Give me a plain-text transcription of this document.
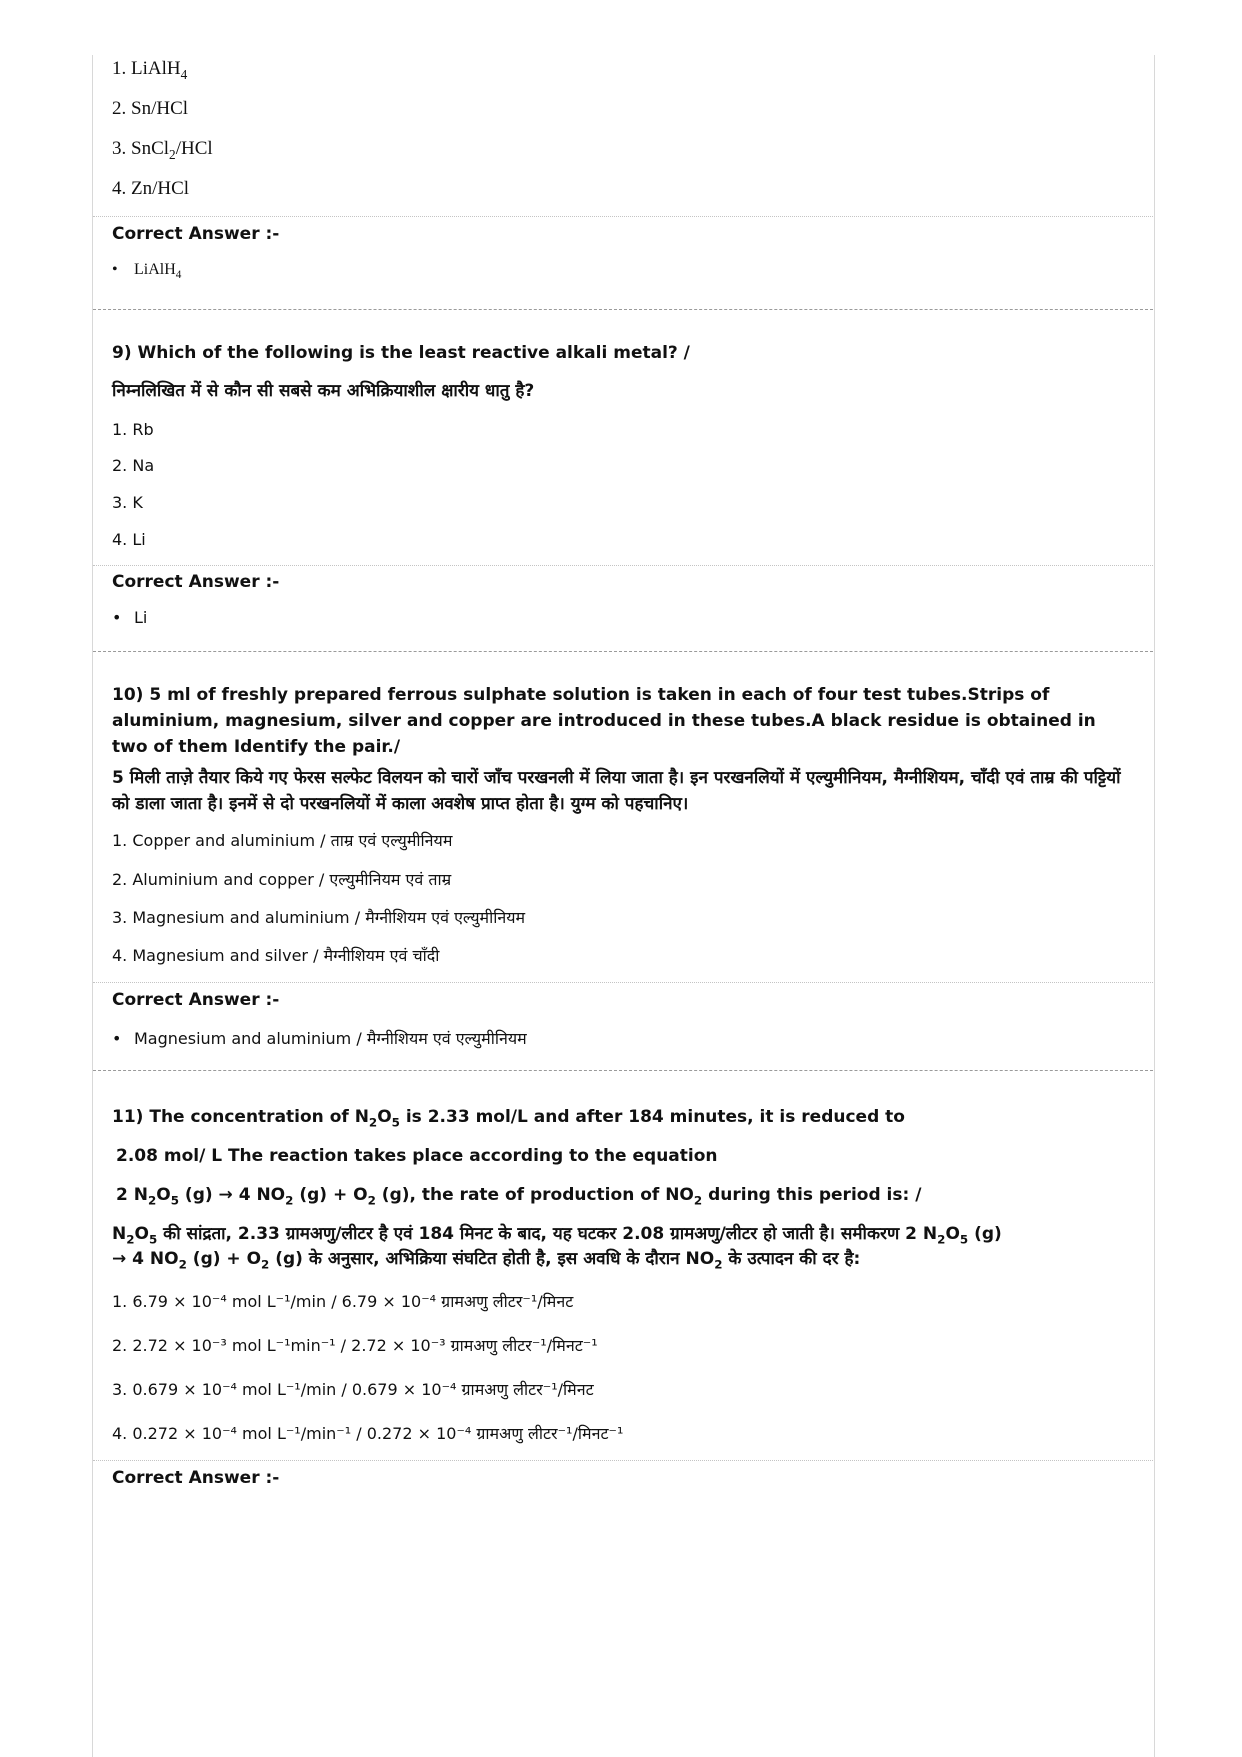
1. LiAlH$_4$
2. Sn/HCl
3. SnCl$_2$/HCl
4. Zn/HCl
Correct Answer :-
• LiAlH$_4$
9) Which of the following is the least reactive alkali metal? /
निम्नलिखित में से कौन सी सबसे कम अभिक्रियाशील क्षारीय धातु है?
1. Rb
2. Na
3. K
4. Li
Correct Answer :-
• Li
10) 5 ml of freshly prepared ferrous sulphate solution is taken in each of four test tubes.Strips of aluminium, magnesium, silver and copper are introduced in these tubes.A black residue is obtained in two of them Identify the pair./
5 मिली ताज़े तैयार किये गए फेरस सल्फेट विलयन को चारों जाँच परखनली में लिया जाता है। इन परखनलियों में एल्युमीनियम, मैग्नीशियम, चाँदी एवं ताम्र की पट्टियों को डाला जाता है। इनमें से दो परखनलियों में काला अवशेष प्राप्त होता है। युग्म को पहचानिए।
1. Copper and aluminium / ताम्र एवं एल्युमीनियम
2. Aluminium and copper / एल्युमीनियम एवं ताम्र
3. Magnesium and aluminium / मैग्नीशियम एवं एल्युमीनियम
4. Magnesium and silver / मैग्नीशियम एवं चाँदी
Correct Answer :-
• Magnesium and aluminium / मैग्नीशियम एवं एल्युमीनियम
11) The concentration of $N_2O_5$ is 2.33 mol/L and after 184 minutes, it is reduced to
2.08 mol/ L The reaction takes place according to the equation
2 $N_2O_5$ (g) → 4 $NO_2$ $(g) + O_2$ (g), the rate of production of $NO_2$ during this period is: /
$N_2O_5$ की सांद्रता, 2.33 ग्रामअणु/लीटर है एवं 184 मिनट के बाद, यह घटकर 2.08 ग्रामअणु/लीटर हो जाती है। समीकरण 2 $N_2O_5$ (g)
→ 4 $NO_2$ $(g) + O_2$ (g) के अनुसार, अभिक्रिया संघटित होती है, इस अवधि के दौरान $NO_2$ के उत्पादन की दर है:
1. 6.79 × 10⁻⁴ mol L⁻¹/min / 6.79 × 10⁻⁴ ग्रामअणु लीटर⁻¹/मिनट
2. 2.72 × 10⁻³ mol L⁻¹min⁻¹ / 2.72 × 10⁻³ ग्रामअणु लीटर⁻¹/मिनट⁻¹
3. 0.679 × 10⁻⁴ mol L⁻¹/min / 0.679 × 10⁻⁴ ग्रामअणु लीटर⁻¹/मिनट
4. 0.272 × 10⁻⁴ mol L⁻¹/min⁻¹ / 0.272 × 10⁻⁴ ग्रामअणु लीटर⁻¹/मिनट⁻¹
Correct Answer :-
